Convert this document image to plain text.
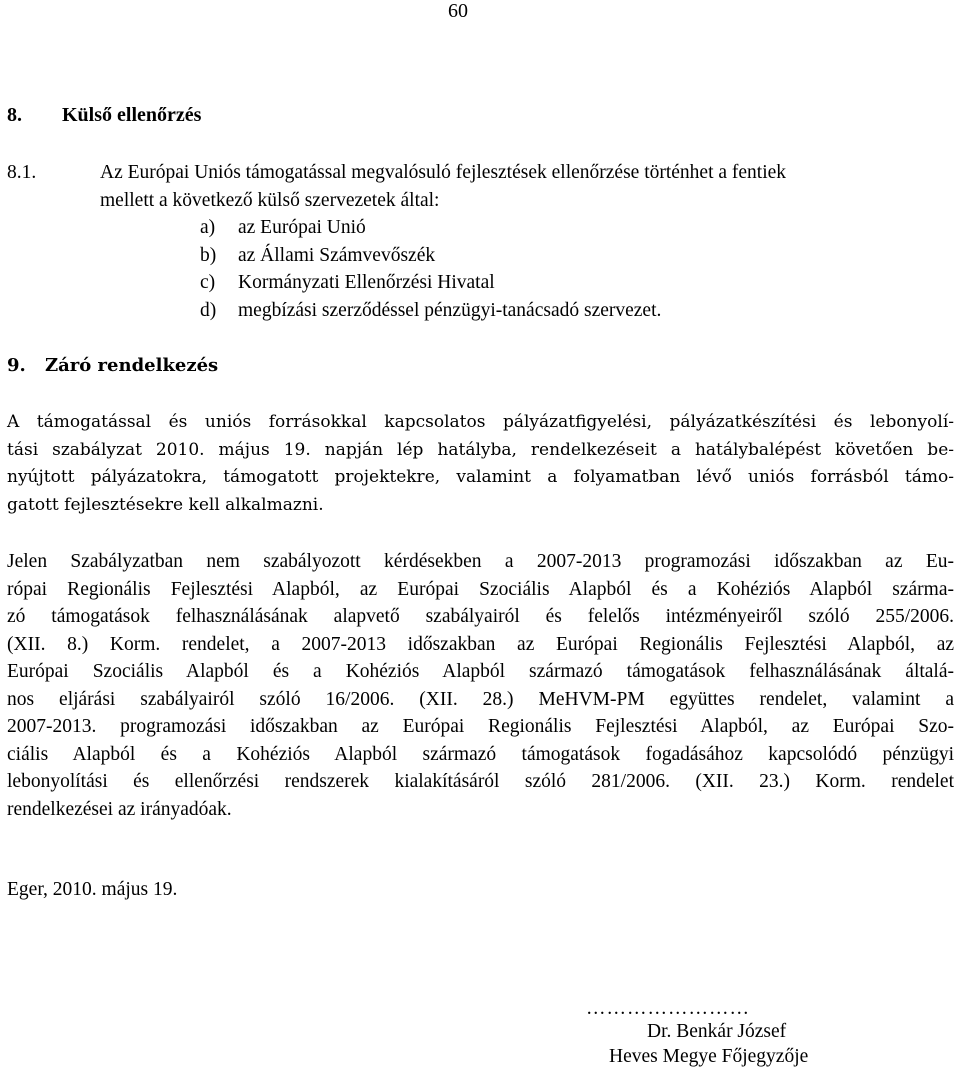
60
8. Külső ellenőrzés
8.1.	Az Európai Uniós támogatással megvalósuló fejlesztések ellenőrzése történhet a fentiek
mellett a következő külső szervezetek által:
a) az Európai Unió
b) az Állami Számvevőszék
c) Kormányzati Ellenőrzési Hivatal
d) megbízási szerződéssel pénzügyi-tanácsadó szervezet.
9. Záró rendelkezés
A támogatással és uniós forrásokkal kapcsolatos pályázatfigyelési, pályázatkészítési és lebonyolí-
tási szabályzat 2010. május 19. napján lép hatályba, rendelkezéseit a hatálybalépést követően be-
nyújtott pályázatokra, támogatott projektekre, valamint a folyamatban lévő uniós forrásból támo-
gatott fejlesztésekre kell alkalmazni.
Jelen Szabályzatban nem szabályozott kérdésekben a 2007-2013 programozási időszakban az Eu-
rópai Regionális Fejlesztési Alapból, az Európai Szociális Alapból és a Kohéziós Alapból szárma-
zó támogatások felhasználásának alapvető szabályairól és felelős intézményeiről szóló 255/2006.
(XII. 8.) Korm. rendelet, a 2007-2013 időszakban az Európai Regionális Fejlesztési Alapból, az
Európai Szociális Alapból és a Kohéziós Alapból származó támogatások felhasználásának általá-
nos eljárási szabályairól szóló 16/2006. (XII. 28.) MeHVM-PM együttes rendelet, valamint a
2007-2013. programozási időszakban az Európai Regionális Fejlesztési Alapból, az Európai Szo-
ciális Alapból és a Kohéziós Alapból származó támogatások fogadásához kapcsolódó pénzügyi
lebonyolítási és ellenőrzési rendszerek kialakításáról szóló 281/2006. (XII. 23.) Korm. rendelet
rendelkezései az irányadóak.
Eger, 2010. május 19.
……………………
Dr. Benkár József
Heves Megye Főjegyzője
